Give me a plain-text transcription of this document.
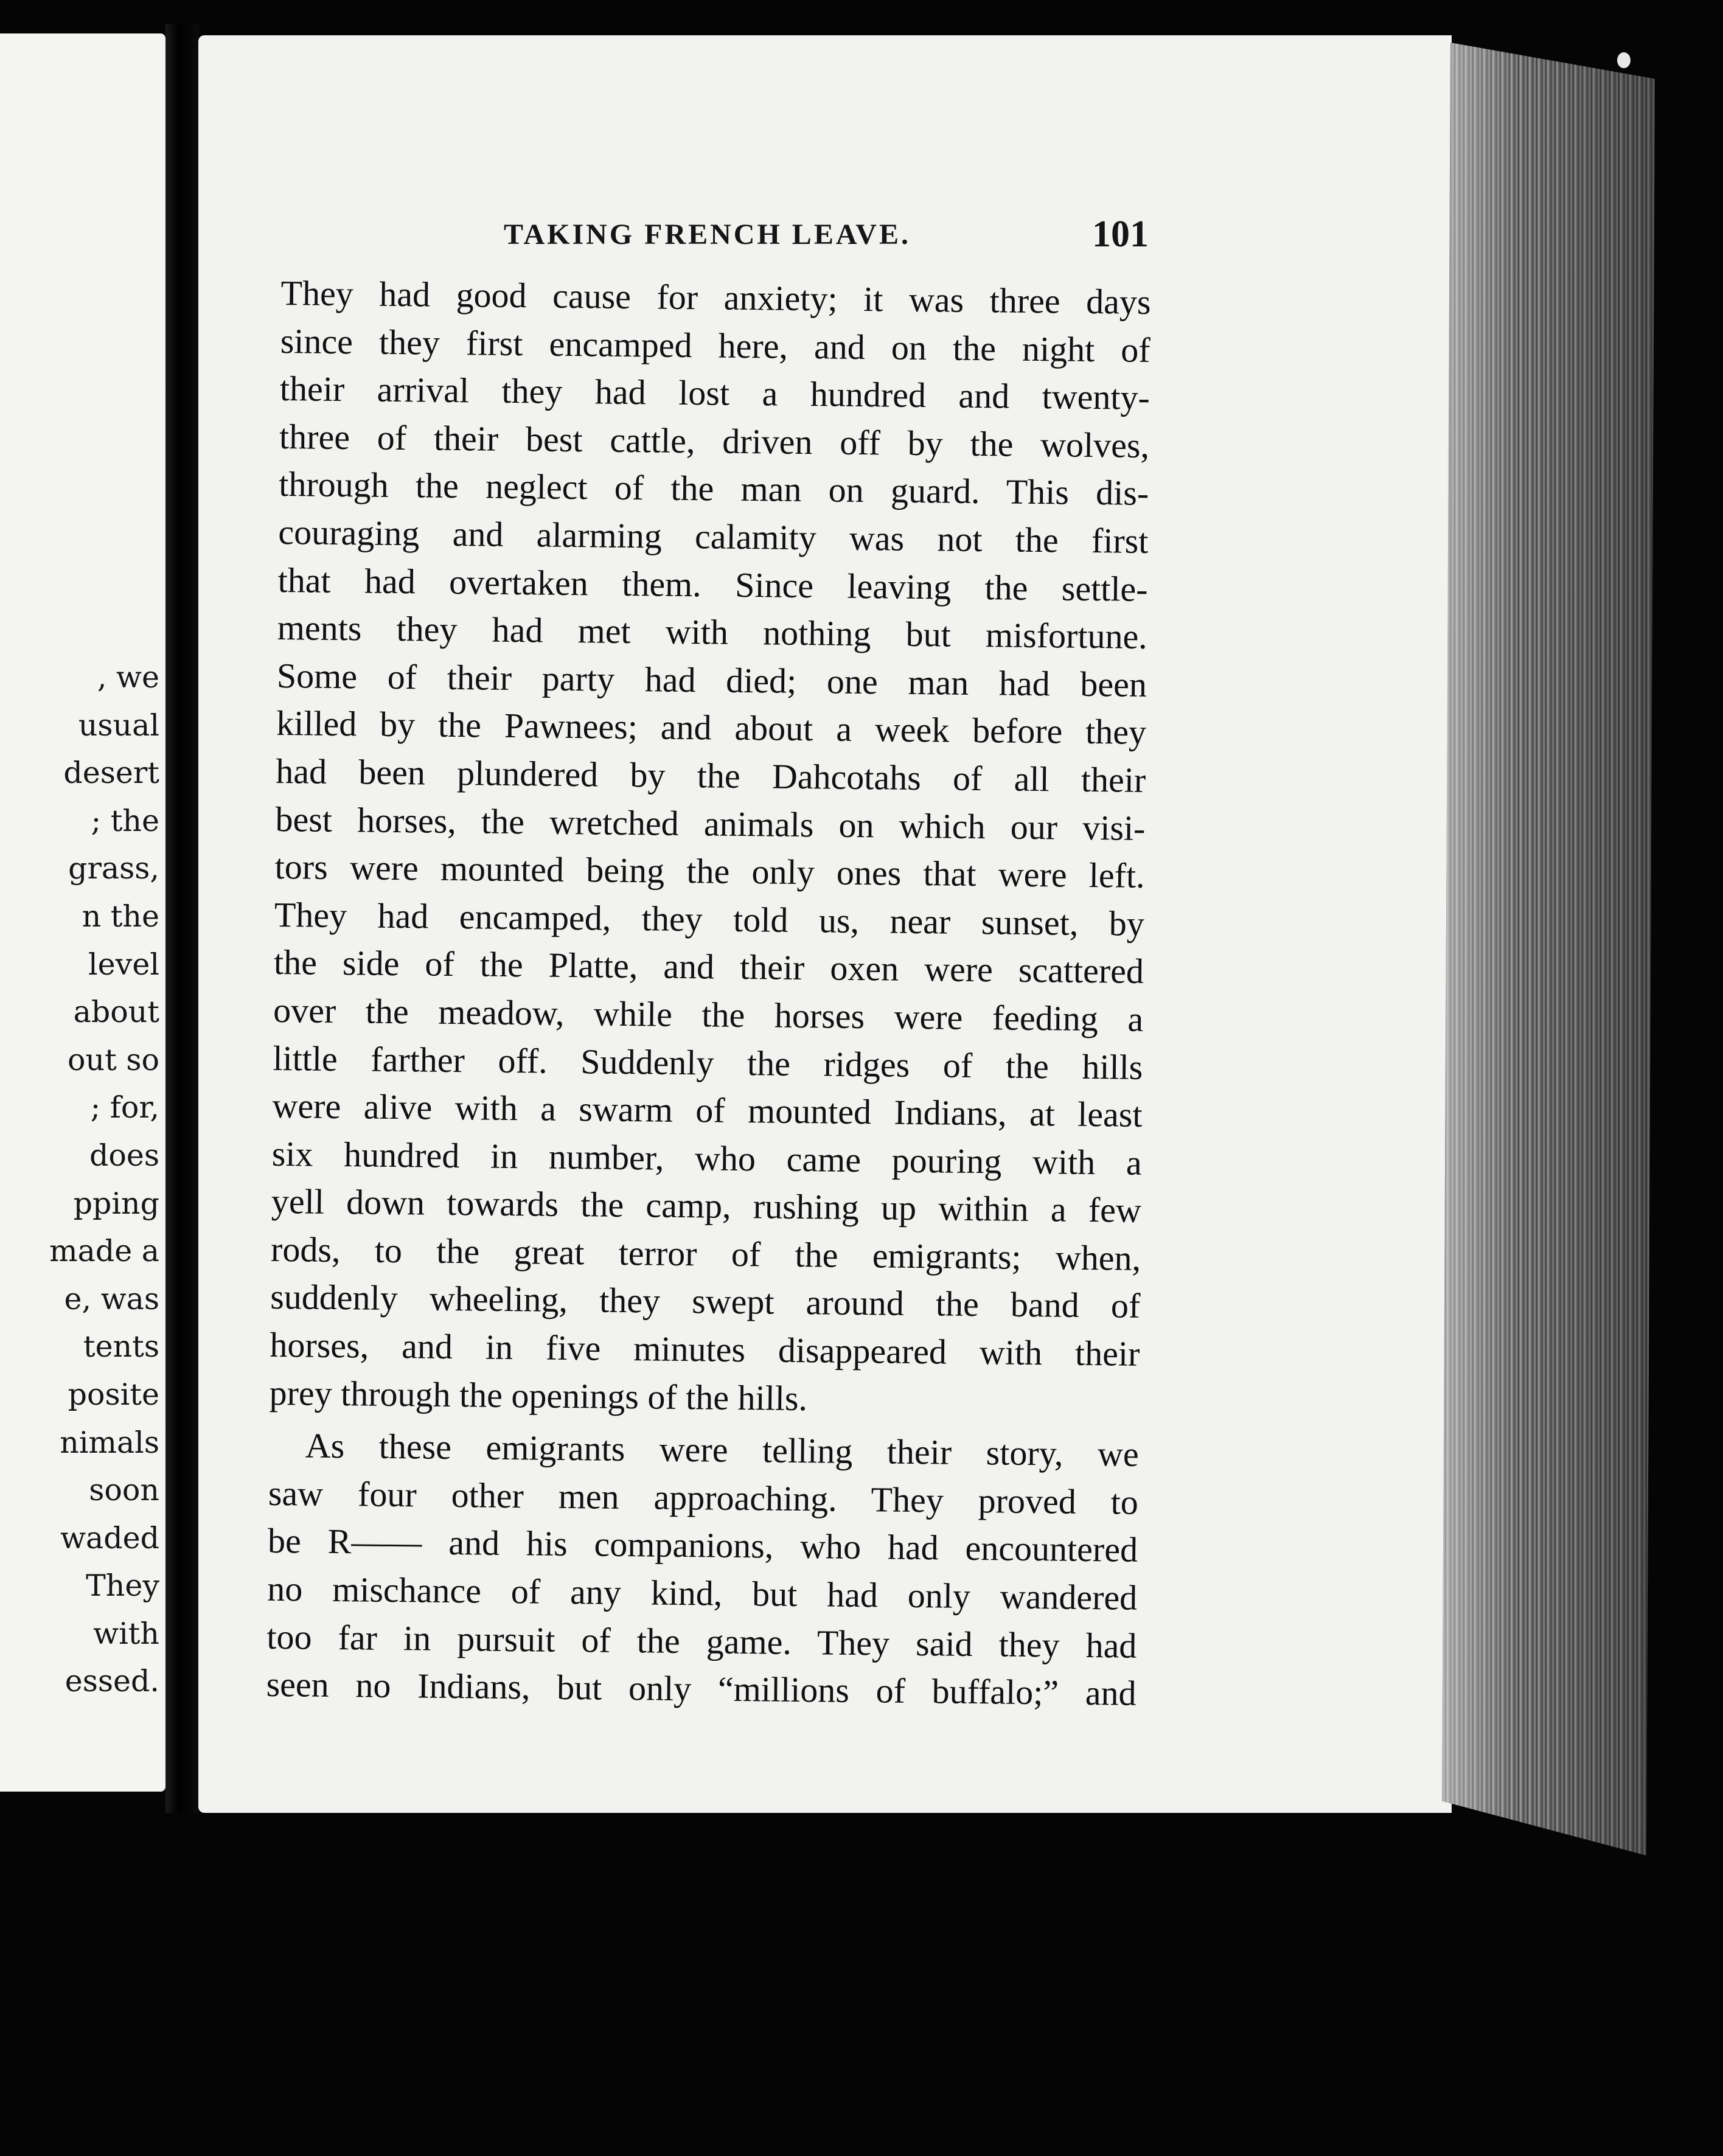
, we
usual
desert
; the
grass,
n the
level
about
out so
; for,
does
pping
made a
e, was
tents
posite
nimals
soon
waded
They
with
essed.
TAKING FRENCH LEAVE.	101
They had good cause for anxiety; it was three days
since they first encamped here, and on the night of
their arrival they had lost a hundred and twenty-
three of their best cattle, driven off by the wolves,
through the neglect of the man on guard. This dis-
couraging and alarming calamity was not the first
that had overtaken them. Since leaving the settle-
ments they had met with nothing but misfortune.
Some of their party had died; one man had been
killed by the Pawnees; and about a week before they
had been plundered by the Dahcotahs of all their
best horses, the wretched animals on which our visi-
tors were mounted being the only ones that were left.
They had encamped, they told us, near sunset, by
the side of the Platte, and their oxen were scattered
over the meadow, while the horses were feeding a
little farther off. Suddenly the ridges of the hills
were alive with a swarm of mounted Indians, at least
six hundred in number, who came pouring with a
yell down towards the camp, rushing up within a few
rods, to the great terror of the emigrants; when,
suddenly wheeling, they swept around the band of
horses, and in five minutes disappeared with their
prey through the openings of the hills.
As these emigrants were telling their story, we
saw four other men approaching. They proved to
be R—— and his companions, who had encountered
no mischance of any kind, but had only wandered
too far in pursuit of the game. They said they had
seen no Indians, but only “millions of buffalo;” and
